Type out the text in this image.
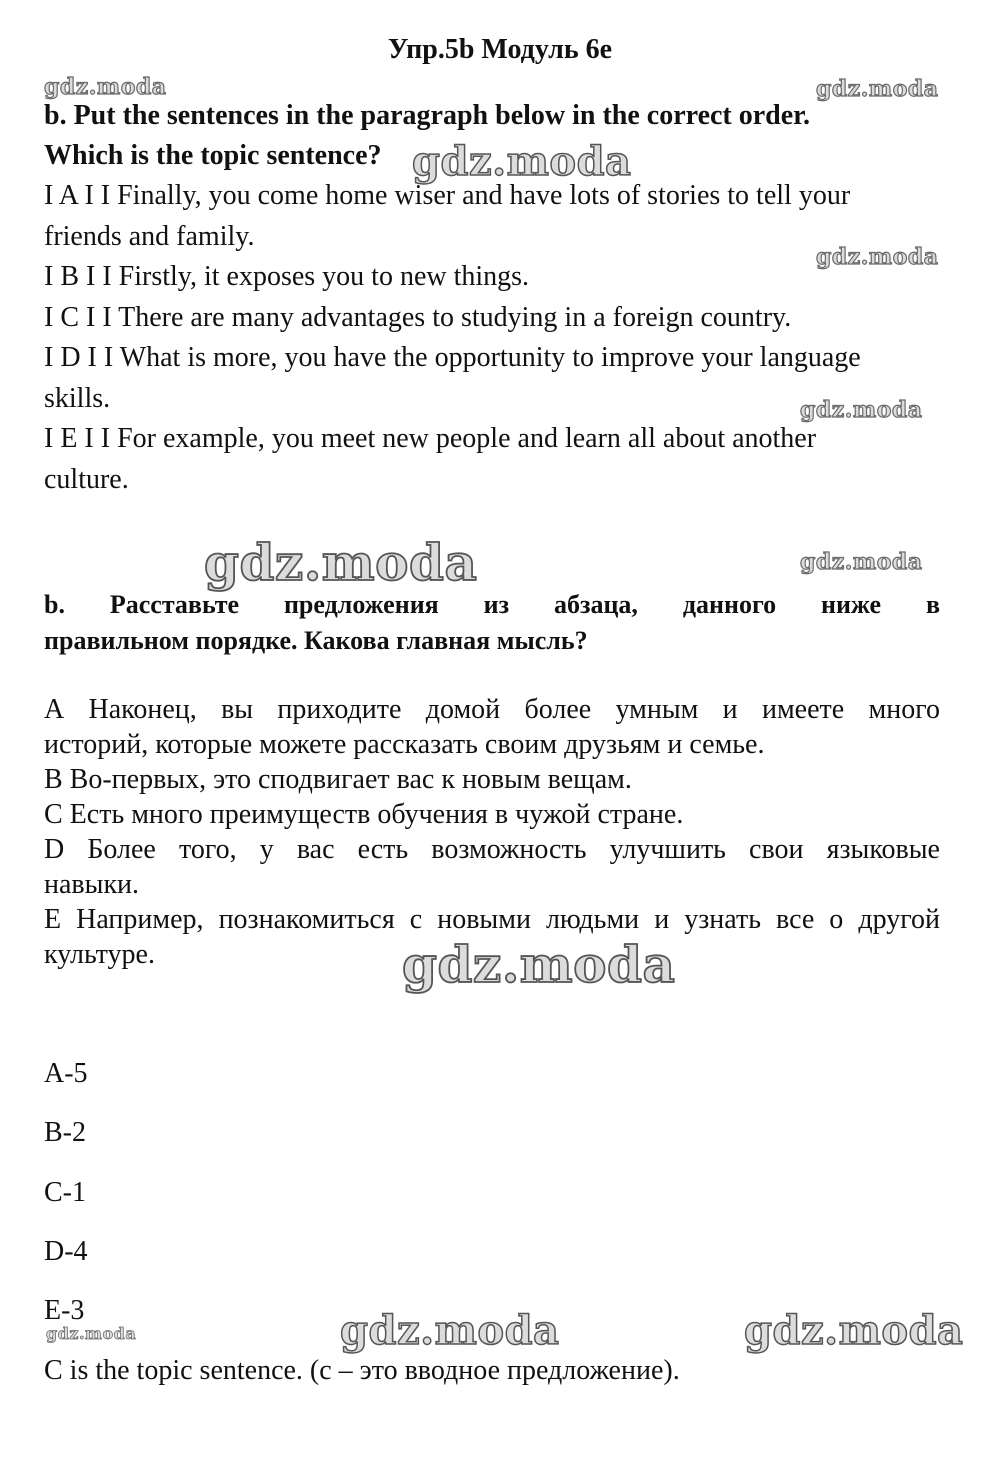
Упр.5b Модуль 6е
b. Put the sentences in the paragraph below in the correct order.
Which is the topic sentence?
I A I I Finally, you come home wiser and have lots of stories to tell your
friends and family.
I B I I Firstly, it exposes you to new things.
I C I I There are many advantages to studying in a foreign country.
I D I I What is more, you have the opportunity to improve your language
skills.
I E I I For example, you meet new people and learn all about another
culture.
b. Расставьте предложения из абзаца, данного ниже в
правильном порядке. Какова главная мысль?
А Наконец, вы приходите домой более умным и имеете много
историй, которые можете рассказать своим друзьям и семье.
В Во-первых, это сподвигает вас к новым вещам.
С Есть много преимуществ обучения в чужой стране.
D Более того, у вас есть возможность улучшить свои языковые
навыки.
Е Например, познакомиться с новыми людьми и узнать все о другой
культуре.
A-5
B-2
C-1
D-4
E-3
C is the topic sentence. (с – это вводное предложение).
gdz.moda	gdz.moda
gdz.moda
gdz.moda
gdz.moda
gdz.moda	gdz.moda
gdz.moda
gdz.moda	gdz.moda	gdz.moda
